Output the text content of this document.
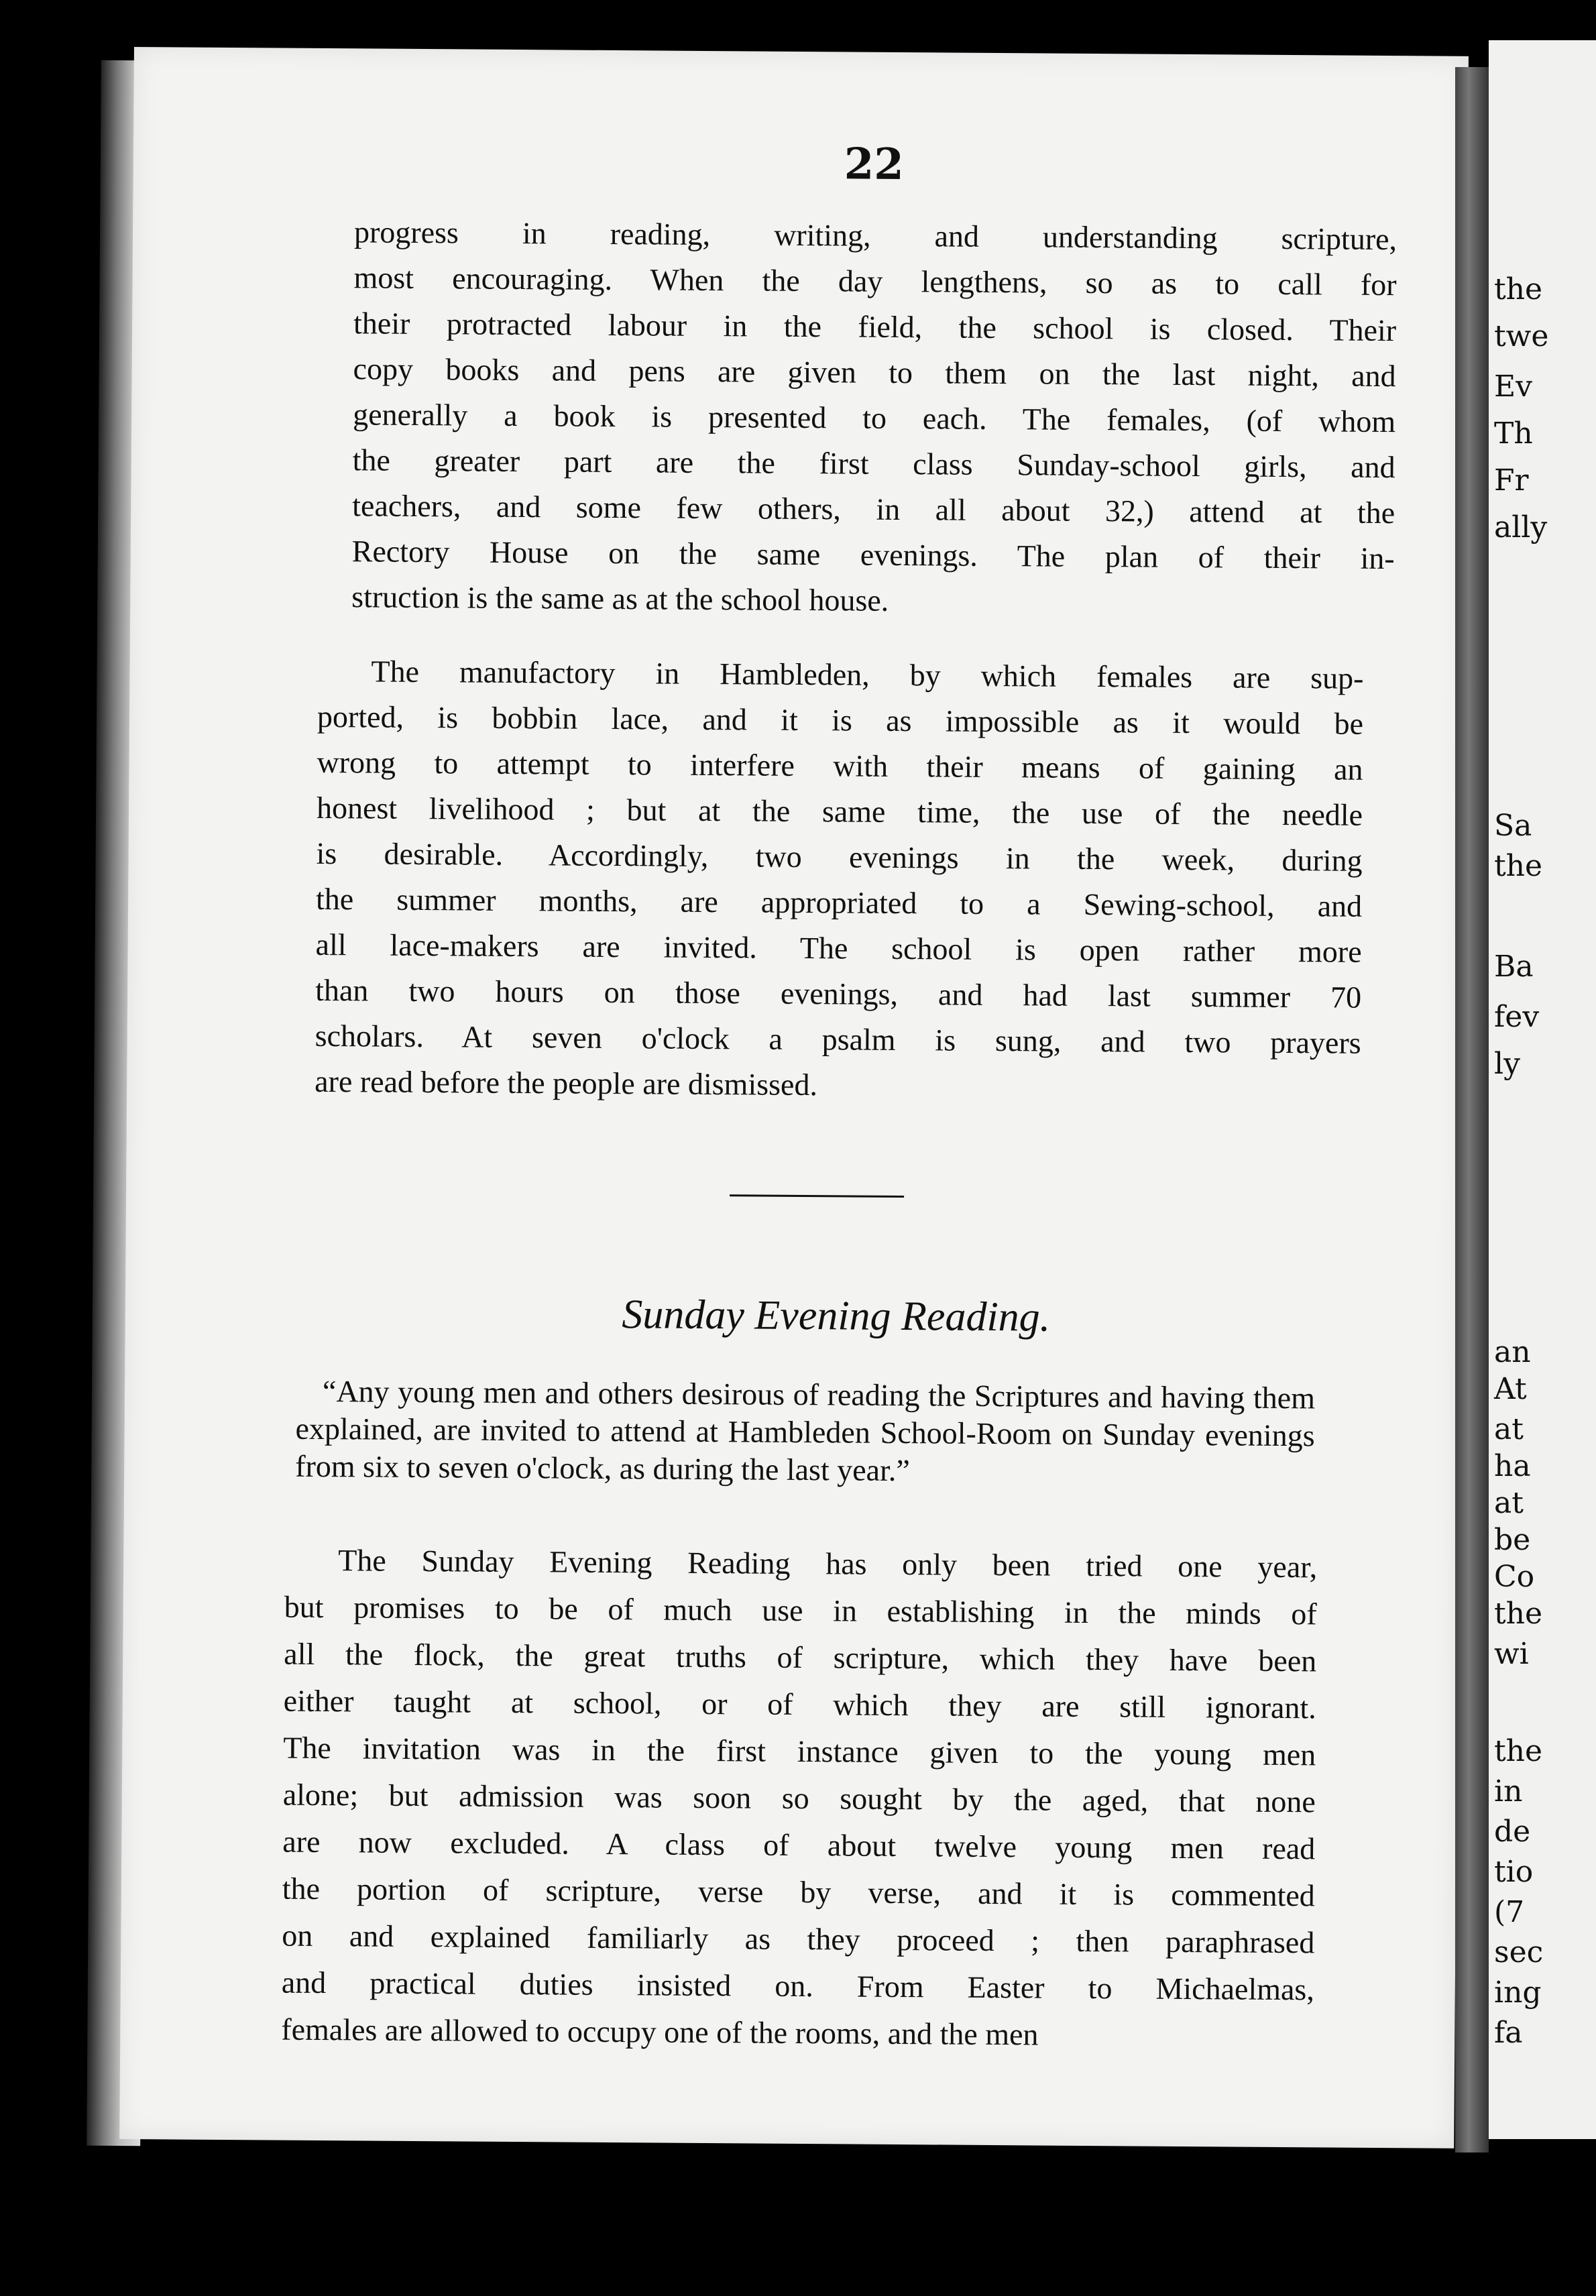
22
progress in reading, writing, and understanding scripture,
most encouraging. When the day lengthens, so as to call for
their protracted labour in the field, the school is closed. Their
copy books and pens are given to them on the last night, and
generally a book is presented to each. The females, (of whom
the greater part are the first class Sunday-school girls, and
teachers, and some few others, in all about 32,) attend at the
Rectory House on the same evenings. The plan of their in-
struction is the same as at the school house.
The manufactory in Hambleden, by which females are sup-
ported, is bobbin lace, and it is as impossible as it would be
wrong to attempt to interfere with their means of gaining an
honest livelihood ; but at the same time, the use of the needle
is desirable. Accordingly, two evenings in the week, during
the summer months, are appropriated to a Sewing-school, and
all lace-makers are invited. The school is open rather more
than two hours on those evenings, and had last summer 70
scholars. At seven o'clock a psalm is sung, and two prayers
are read before the people are dismissed.
Sunday Evening Reading.

“Any young men and others desirous of reading the Scriptures and having them explained, are invited to attend at Hambleden School-Room on Sunday evenings from six to seven o'clock, as during the last year.”

The Sunday Evening Reading has only been tried one year,
but promises to be of much use in establishing in the minds of
all the flock, the great truths of scripture, which they have been
either taught at school, or of which they are still ignorant.
The invitation was in the first instance given to the young men
alone; but admission was soon so sought by the aged, that none
are now excluded. A class of about twelve young men read
the portion of scripture, verse by verse, and it is commented
on and explained familiarly as they proceed ; then paraphrased
and practical duties insisted on. From Easter to Michaelmas,
females are allowed to occupy one of the rooms, and the men
the
twe
Ev
Th
Fr
ally
Sa
the
Ba
fev
ly
an
At
at
ha
at
be
Co
the
wi
the
in
de
tio
(7
sec
ing
fa
